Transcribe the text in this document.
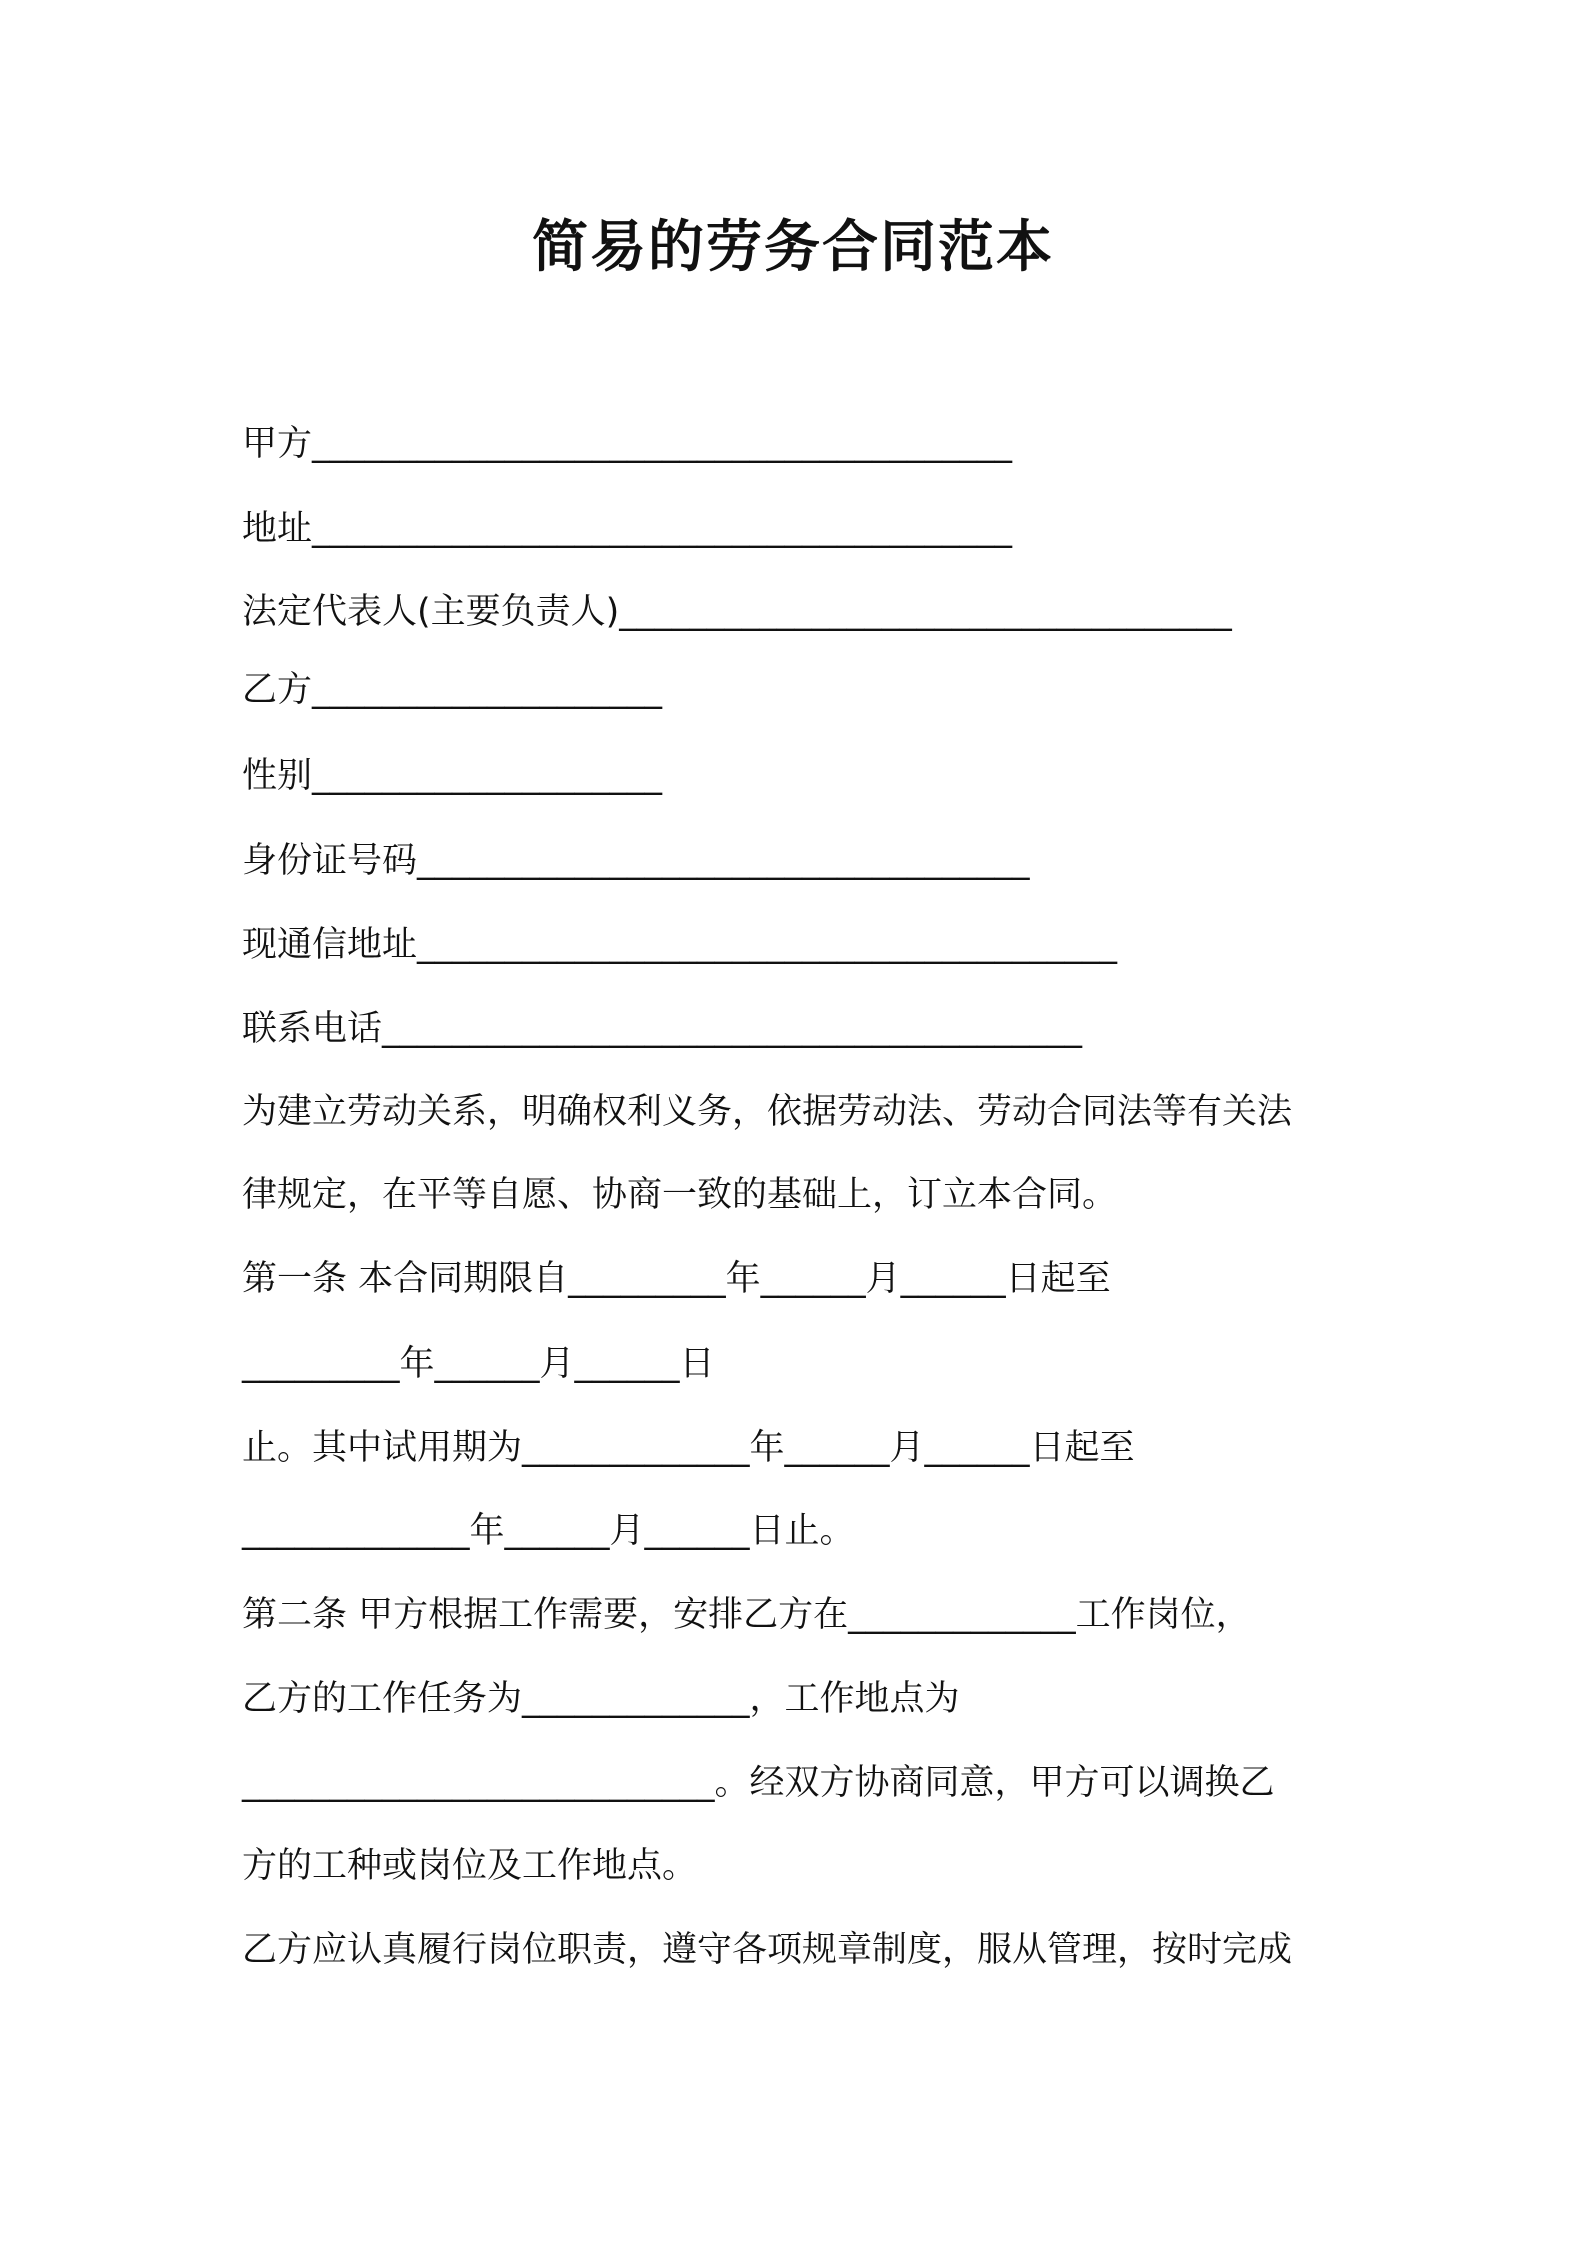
简易的劳务合同范本
甲方________________________________________
地址________________________________________
法定代表人(主要负责人)___________________________________
乙方____________________
性别____________________
身份证号码___________________________________
现通信地址________________________________________
联系电话________________________________________
为建立劳动关系，明确权利义务，依据劳动法、劳动合同法等有关法
律规定，在平等自愿、协商一致的基础上，订立本合同。
第一条 本合同期限自_________年______月______日起至
_________年______月______日
止。其中试用期为_____________年______月______日起至
_____________年______月______日止。
第二条 甲方根据工作需要，安排乙方在_____________工作岗位，
乙方的工作任务为_____________，工作地点为
___________________________。经双方协商同意，甲方可以调换乙
方的工种或岗位及工作地点。
乙方应认真履行岗位职责，遵守各项规章制度，服从管理，按时完成
